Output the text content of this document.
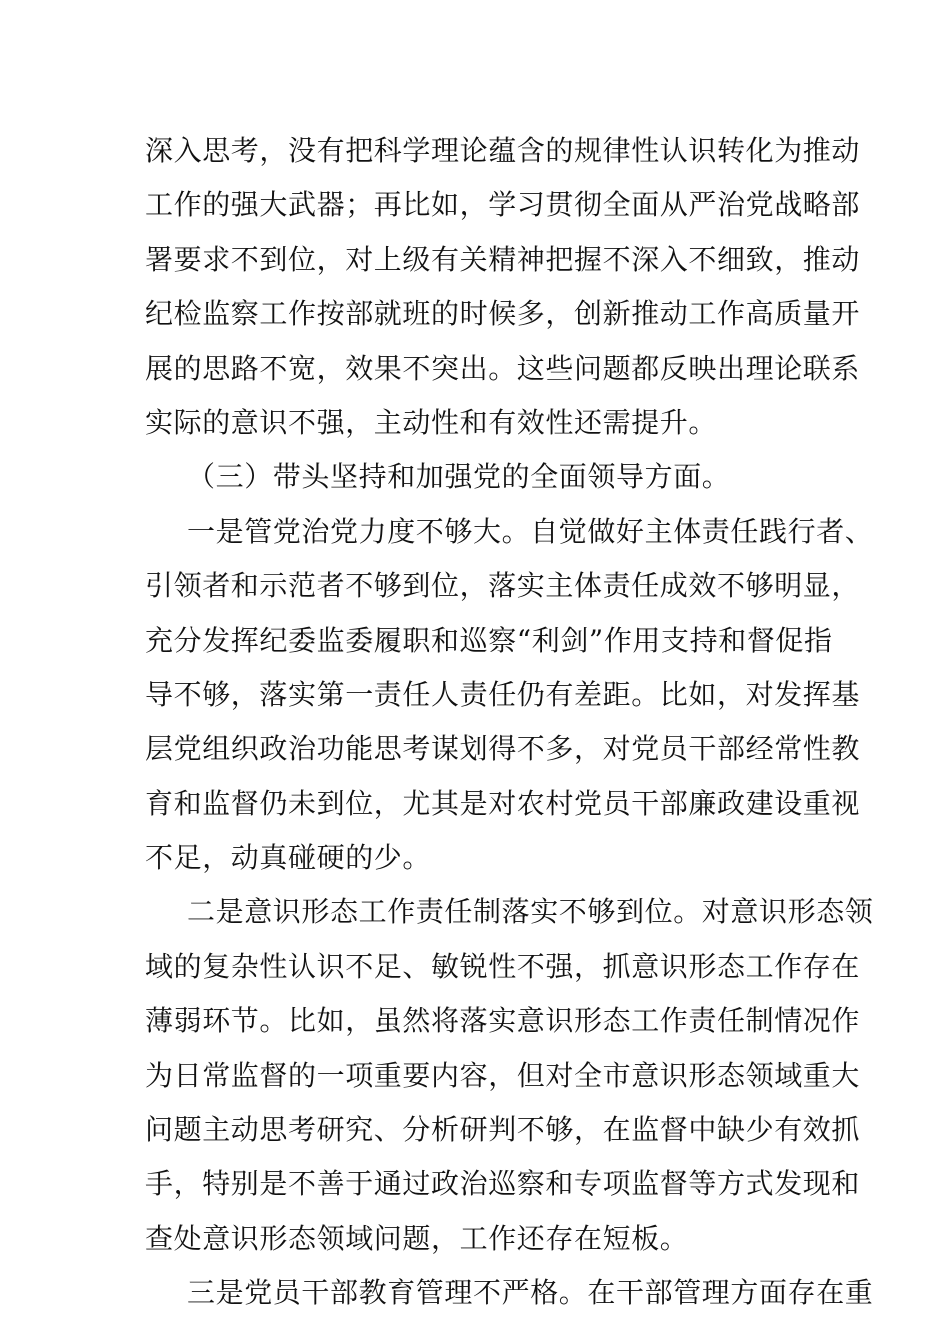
深入思考，没有把科学理论蕴含的规律性认识转化为推动
工作的强大武器；再比如，学习贯彻全面从严治党战略部
署要求不到位，对上级有关精神把握不深入不细致，推动
纪检监察工作按部就班的时候多，创新推动工作高质量开
展的思路不宽，效果不突出。这些问题都反映出理论联系
实际的意识不强，主动性和有效性还需提升。
（三）带头坚持和加强党的全面领导方面。
一是管党治党力度不够大。自觉做好主体责任践行者、
引领者和示范者不够到位，落实主体责任成效不够明显，
充分发挥纪委监委履职和巡察“利剑”作用支持和督促指
导不够，落实第一责任人责任仍有差距。比如，对发挥基
层党组织政治功能思考谋划得不多，对党员干部经常性教
育和监督仍未到位，尤其是对农村党员干部廉政建设重视
不足，动真碰硬的少。
二是意识形态工作责任制落实不够到位。对意识形态领
域的复杂性认识不足、敏锐性不强，抓意识形态工作存在
薄弱环节。比如，虽然将落实意识形态工作责任制情况作
为日常监督的一项重要内容，但对全市意识形态领域重大
问题主动思考研究、分析研判不够，在监督中缺少有效抓
手，特别是不善于通过政治巡察和专项监督等方式发现和
查处意识形态领域问题，工作还存在短板。
三是党员干部教育管理不严格。在干部管理方面存在重
